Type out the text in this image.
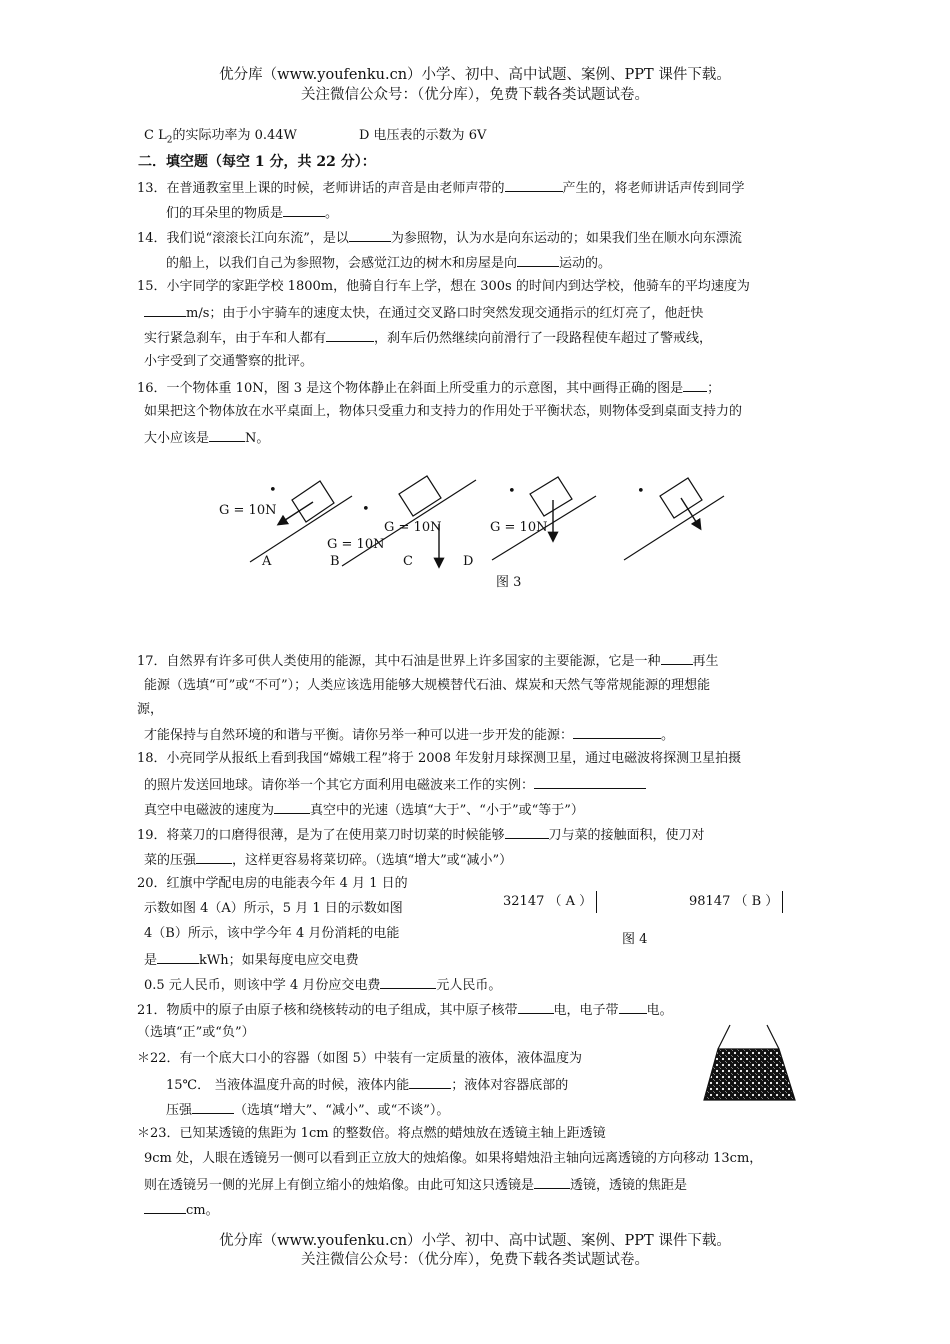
优分库（www.youfenku.cn）小学、初中、高中试题、案例、PPT 课件下载。
关注微信公众号：（优分库），免费下载各类试题试卷。
C $L_2$的实际功率为 0.44W	D 电压表的示数为 6V
二．填空题（每空 1 分，共 22 分）：
13．在普通教室里上课的时候，老师讲话的声音是由老师声带的	产生的，将老师讲话声传到同学
们的耳朵里的物质是	。
14．我们说“滚滚长江向东流”，是以	为参照物，认为水是向东运动的；如果我们坐在顺水向东漂流
的船上，以我们自己为参照物，会感觉江边的树木和房屋是向	运动的。
15．小宇同学的家距学校 1800m，他骑自行车上学，想在 300s 的时间内到达学校，他骑车的平均速度为
m/s；由于小宇骑车的速度太快，在通过交叉路口时突然发现交通指示的红灯亮了，他赶快
实行紧急刹车，由于车和人都有	，刹车后仍然继续向前滑行了一段路程使车超过了警戒线，
小宇受到了交通警察的批评。
16．一个物体重 10N，图 3 是这个物体静止在斜面上所受重力的示意图，其中画得正确的图是 ；
如果把这个物体放在水平桌面上，物体只受重力和支持力的作用处于平衡状态，则物体受到桌面支持力的
大小应该是	N。
•
•
•	•
G = 10N
G = 10N
G = 10N	G = 10N
A	B	C	D
图 3
17．自然界有许多可供人类使用的能源，其中石油是世界上许多国家的主要能源，它是一种 再生
能源（选填“可”或“不可”）；人类应该选用能够大规模替代石油、煤炭和天然气等常规能源的理想能
源，
才能保持与自然环境的和谐与平衡。请你另举一种可以进一步开发的能源：	。
18．小亮同学从报纸上看到我国“嫦娥工程”将于 2008 年发射月球探测卫星，通过电磁波将探测卫星拍摄
的照片发送回地球。请你举一个其它方面利用电磁波来工作的实例：
真空中电磁波的速度为	真空中的光速（选填“大于”、“小于”或“等于”）
19．将菜刀的口磨得很薄，是为了在使用菜刀时切菜的时候能够	刀与菜的接触面积，使刀对
菜的压强	，这样更容易将菜切碎。（选填“增大”或“减小”）
20．红旗中学配电房的电能表今年 4 月 1 日的
示数如图 4（A）所示，5 月 1 日的示数如图
4（B）所示，该中学今年 4 月份消耗的电能
是	kWh；如果每度电应交电费
0.5 元人民币，则该中学 4 月份应交电费	元人民币。
32147 （ A ）	98147 （ B ）
图 4
21．物质中的原子由原子核和绕核转动的电子组成，其中原子核带	电，电子带 电。
（选填“正”或“负”）
＊22．有一个底大口小的容器（如图 5）中装有一定质量的液体，液体温度为
15℃． 当液体温度升高的时候，液体内能	；液体对容器底部的
压强	（选填“增大”、“减小”、或“不谈”）。
＊23．已知某透镜的焦距为 1cm 的整数倍。将点燃的蜡烛放在透镜主轴上距透镜
9cm 处，人眼在透镜另一侧可以看到正立放大的烛焰像。如果将蜡烛沿主轴向远离透镜的方向移动 13cm，
则在透镜另一侧的光屏上有倒立缩小的烛焰像。由此可知这只透镜是	透镜，透镜的焦距是
cm。
优分库（www.youfenku.cn）小学、初中、高中试题、案例、PPT 课件下载。
关注微信公众号：（优分库），免费下载各类试题试卷。
